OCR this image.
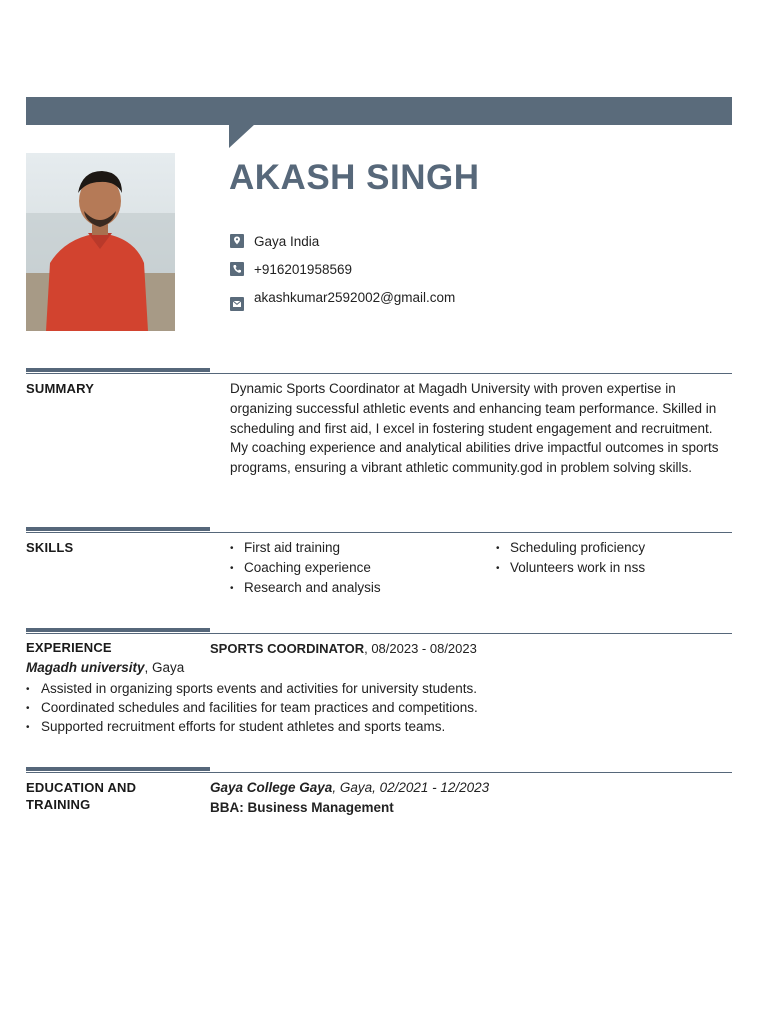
AKASH SINGH
Gaya India
+916201958569
akashkumar2592002@gmail.com
SUMMARY	Dynamic Sports Coordinator at Magadh University with proven expertise in organizing successful athletic events and enhancing team performance. Skilled in scheduling and first aid, I excel in fostering student engagement and recruitment. My coaching experience and analytical abilities drive impactful outcomes in sports programs, ensuring a vibrant athletic community.god in problem solving skills.

SKILLS	• First aid training
• Coaching experience
• Research and analysis
• Scheduling proficiency
• Volunteers work in nss
EXPERIENCE	SPORTS COORDINATOR, 08/2023 - 08/2023
Magadh university, Gaya
• Assisted in organizing sports events and activities for university students.
• Coordinated schedules and facilities for team practices and competitions.
• Supported recruitment efforts for student athletes and sports teams.
EDUCATION AND
TRAINING
Gaya College Gaya, Gaya, 02/2021 - 12/2023
BBA: Business Management
